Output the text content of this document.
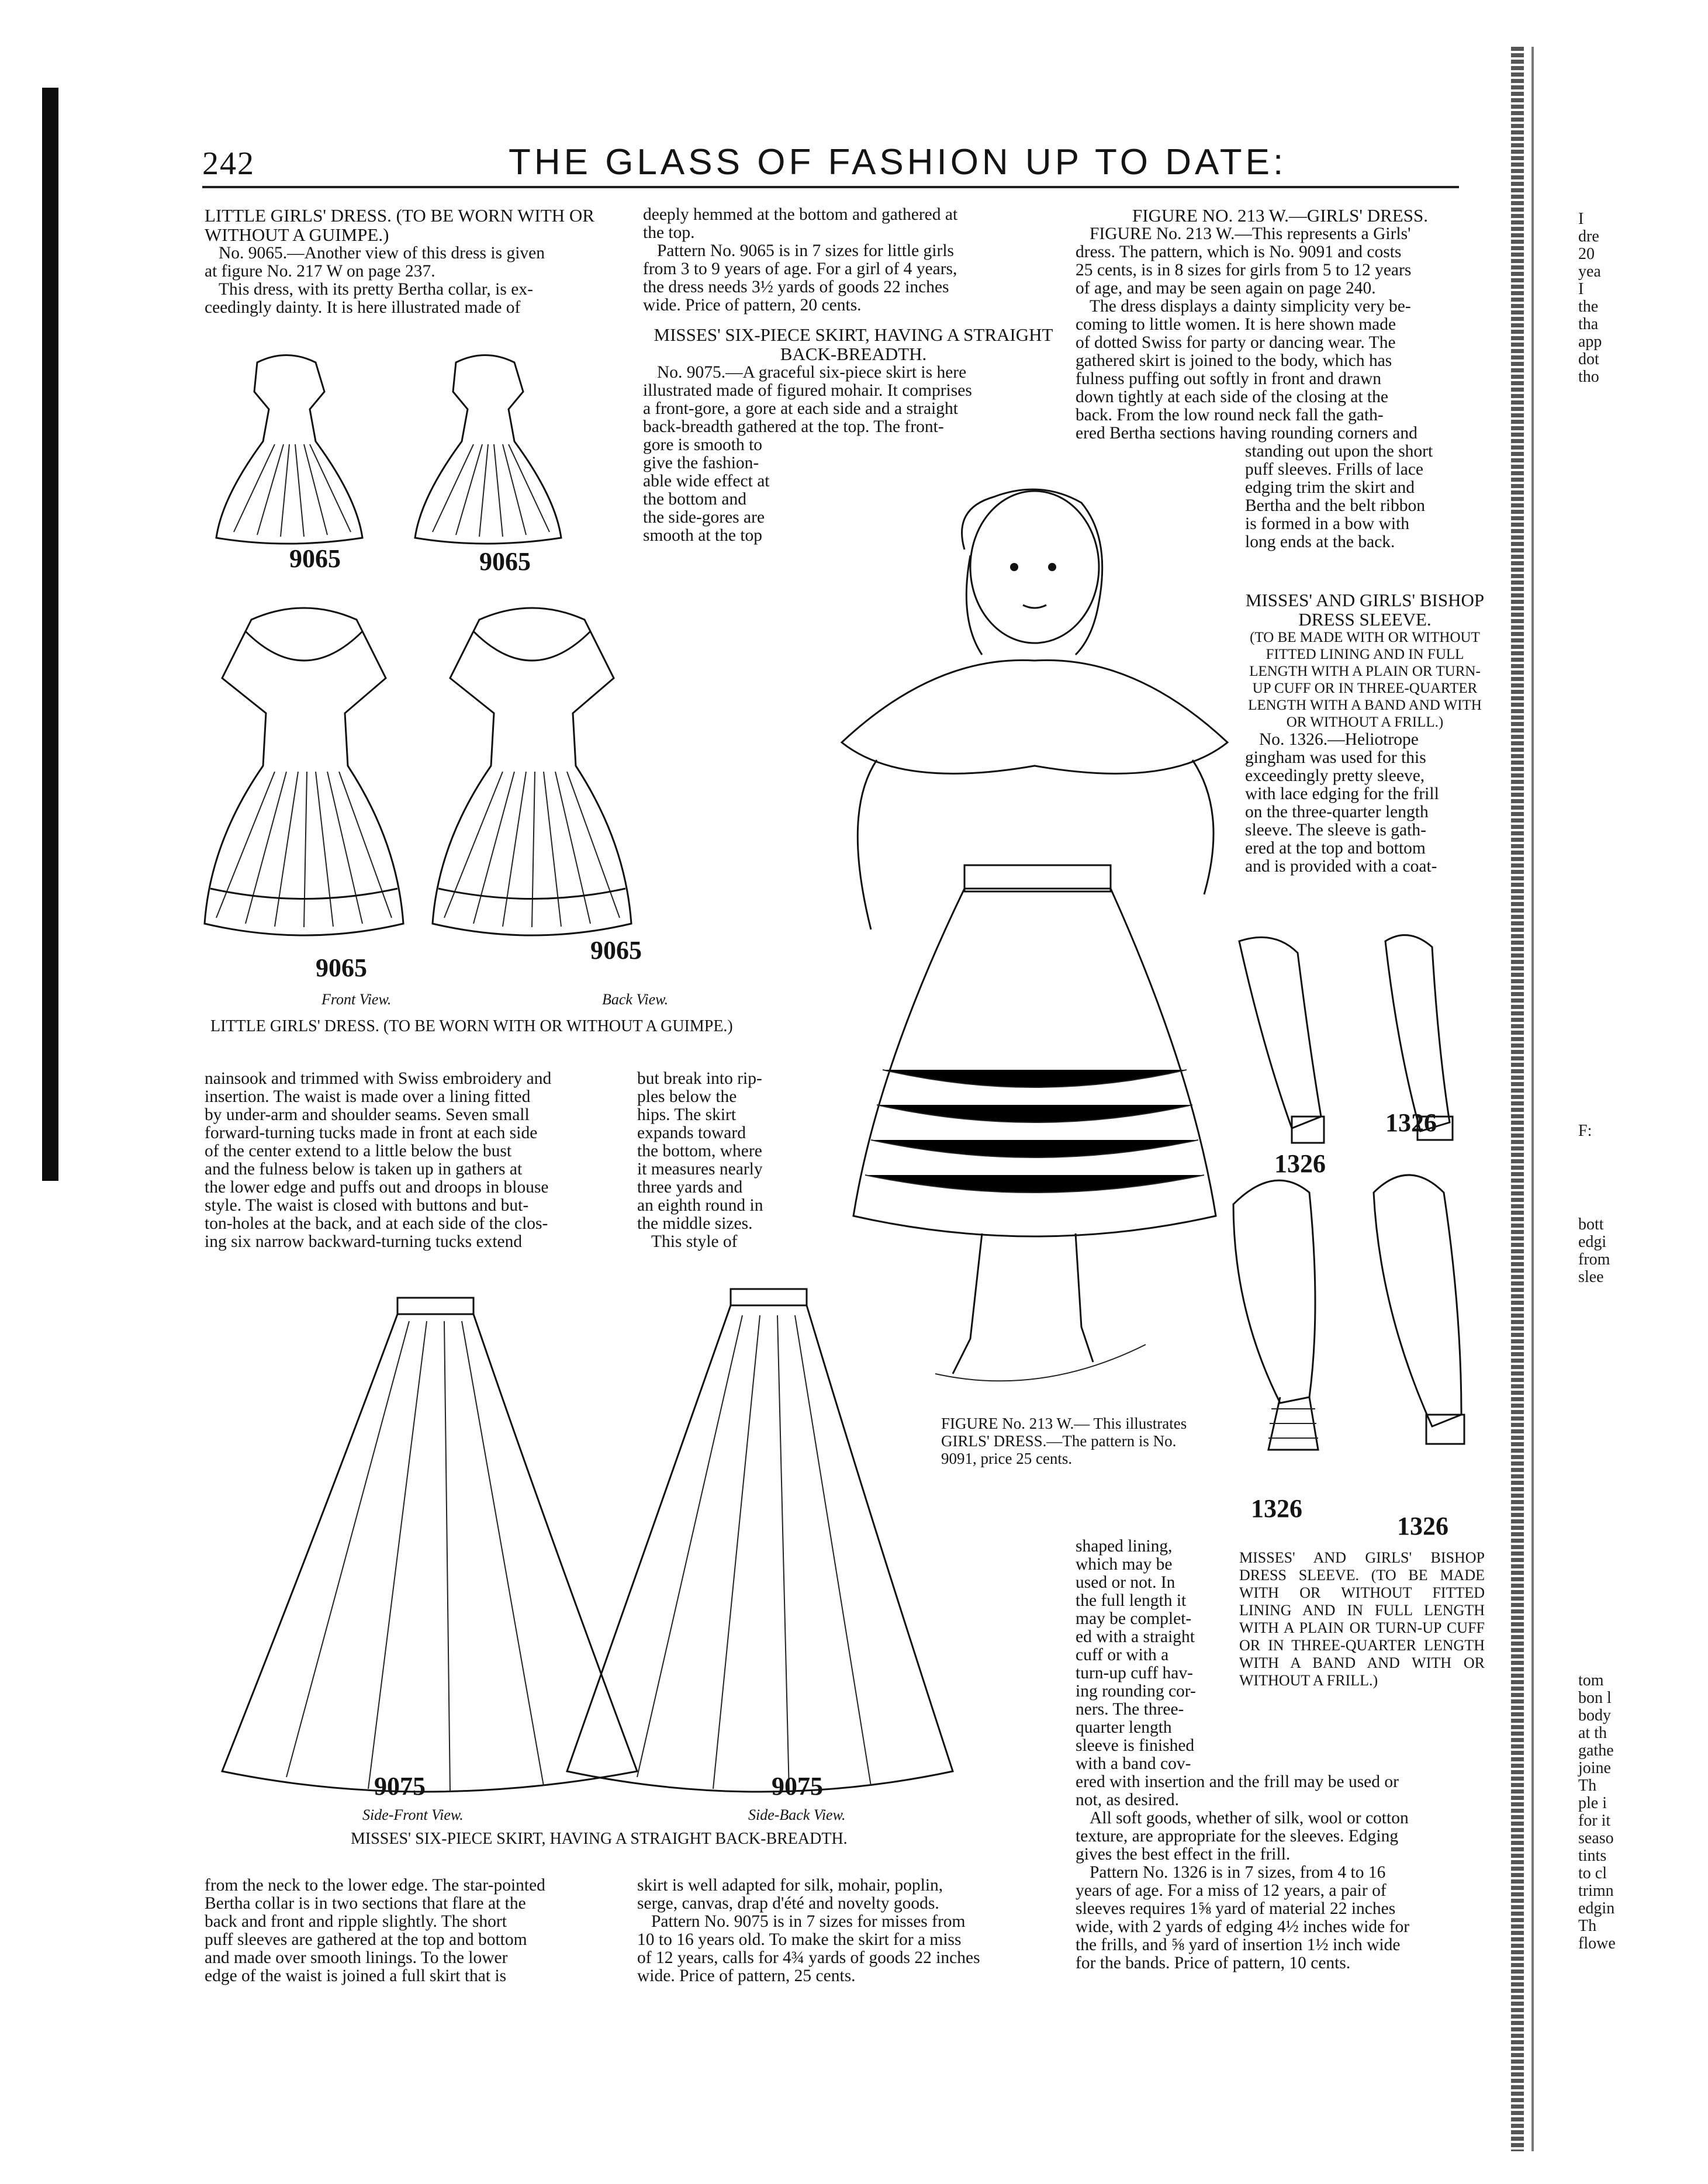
242	THE GLASS OF FASHION UP TO DATE:

LITTLE GIRLS' DRESS. (TO BE WORN WITH OR WITHOUT A GUIMPE.)

No. 9065.—Another view of this dress is given

at figure No. 217 W on page 237.

This dress, with its pretty Bertha collar, is ex-

ceedingly dainty. It is here illustrated made of

deeply hemmed at the bottom and gathered at

the top.

Pattern No. 9065 is in 7 sizes for little girls

from 3 to 9 years of age. For a girl of 4 years,

the dress needs 3½ yards of goods 22 inches

wide. Price of pattern, 20 cents.

MISSES' SIX-PIECE SKIRT, HAVING A STRAIGHT BACK-BREADTH.

No. 9075.—A graceful six-piece skirt is here

illustrated made of figured mohair. It comprises

a front-gore, a gore at each side and a straight

back-breadth gathered at the top. The front-

gore is smooth to

give the fashion-

able wide effect at

the bottom and

the side-gores are

smooth at the top

FIGURE NO. 213 W.—GIRLS' DRESS.

FIGURE No. 213 W.—This represents a Girls'

dress. The pattern, which is No. 9091 and costs

25 cents, is in 8 sizes for girls from 5 to 12 years

of age, and may be seen again on page 240.

The dress displays a dainty simplicity very be-

coming to little women. It is here shown made

of dotted Swiss for party or dancing wear. The

gathered skirt is joined to the body, which has

fulness puffing out softly in front and drawn

down tightly at each side of the closing at the

back. From the low round neck fall the gath-

ered Bertha sections having rounding corners and

standing out upon the short

puff sleeves. Frills of lace

edging trim the skirt and

Bertha and the belt ribbon

is formed in a bow with

long ends at the back.

MISSES' AND GIRLS' BISHOP DRESS SLEEVE.

(TO BE MADE WITH OR WITHOUT FITTED LINING AND IN FULL LENGTH WITH A PLAIN OR TURN-UP CUFF OR IN THREE-QUARTER LENGTH WITH A BAND AND WITH OR WITHOUT A FRILL.)

No. 1326.—Heliotrope

gingham was used for this

exceedingly pretty sleeve,

with lace edging for the frill

on the three-quarter length

sleeve. The sleeve is gath-

ered at the top and bottom

and is provided with a coat-

9065	9065
9065
9065
Front View.	Back View.
LITTLE GIRLS' DRESS. (TO BE WORN WITH OR WITHOUT A GUIMPE.)

nainsook and trimmed with Swiss embroidery and

insertion. The waist is made over a lining fitted

by under-arm and shoulder seams. Seven small

forward-turning tucks made in front at each side

of the center extend to a little below the bust

and the fulness below is taken up in gathers at

the lower edge and puffs out and droops in blouse

style. The waist is closed with buttons and but-

ton-holes at the back, and at each side of the clos-

ing six narrow backward-turning tucks extend

but break into rip-

ples below the

hips. The skirt

expands toward

the bottom, where

it measures nearly

three yards and

an eighth round in

the middle sizes.

This style of

FIGURE No. 213 W.— This illustrates GIRLS' DRESS.—The pattern is No. 9091, price 25 cents.
1326
1326
1326
1326
MISSES' AND GIRLS' BISHOP DRESS SLEEVE. (TO BE MADE WITH OR WITHOUT FITTED LINING AND IN FULL LENGTH WITH A PLAIN OR TURN-UP CUFF OR IN THREE-QUARTER LENGTH WITH A BAND AND WITH OR WITHOUT A FRILL.)

shaped lining,

which may be

used or not. In

the full length it

may be complet-

ed with a straight

cuff or with a

turn-up cuff hav-

ing rounding cor-

ners. The three-

quarter length

sleeve is finished

with a band cov-

ered with insertion and the frill may be used or

not, as desired.

All soft goods, whether of silk, wool or cotton

texture, are appropriate for the sleeves. Edging

gives the best effect in the frill.

Pattern No. 1326 is in 7 sizes, from 4 to 16

years of age. For a miss of 12 years, a pair of

sleeves requires 1⅝ yard of material 22 inches

wide, with 2 yards of edging 4½ inches wide for

the frills, and ⅝ yard of insertion 1½ inch wide

for the bands. Price of pattern, 10 cents.

9075	9075
Side-Front View.	Side-Back View.
MISSES' SIX-PIECE SKIRT, HAVING A STRAIGHT BACK-BREADTH.

from the neck to the lower edge. The star-pointed

Bertha collar is in two sections that flare at the

back and front and ripple slightly. The short

puff sleeves are gathered at the top and bottom

and made over smooth linings. To the lower

edge of the waist is joined a full skirt that is

skirt is well adapted for silk, mohair, poplin,

serge, canvas, drap d'été and novelty goods.

Pattern No. 9075 is in 7 sizes for misses from

10 to 16 years old. To make the skirt for a miss

of 12 years, calls for 4¾ yards of goods 22 inches

wide. Price of pattern, 25 cents.

I
dre
20
yea
I
the
tha
app
dot
tho
F:
bott
edgi
from
slee
tom
bon l
body
at th
gathe
joine
Th
ple i
for it
seaso
tints
to cl
trimn
edgin
Th
flowe
